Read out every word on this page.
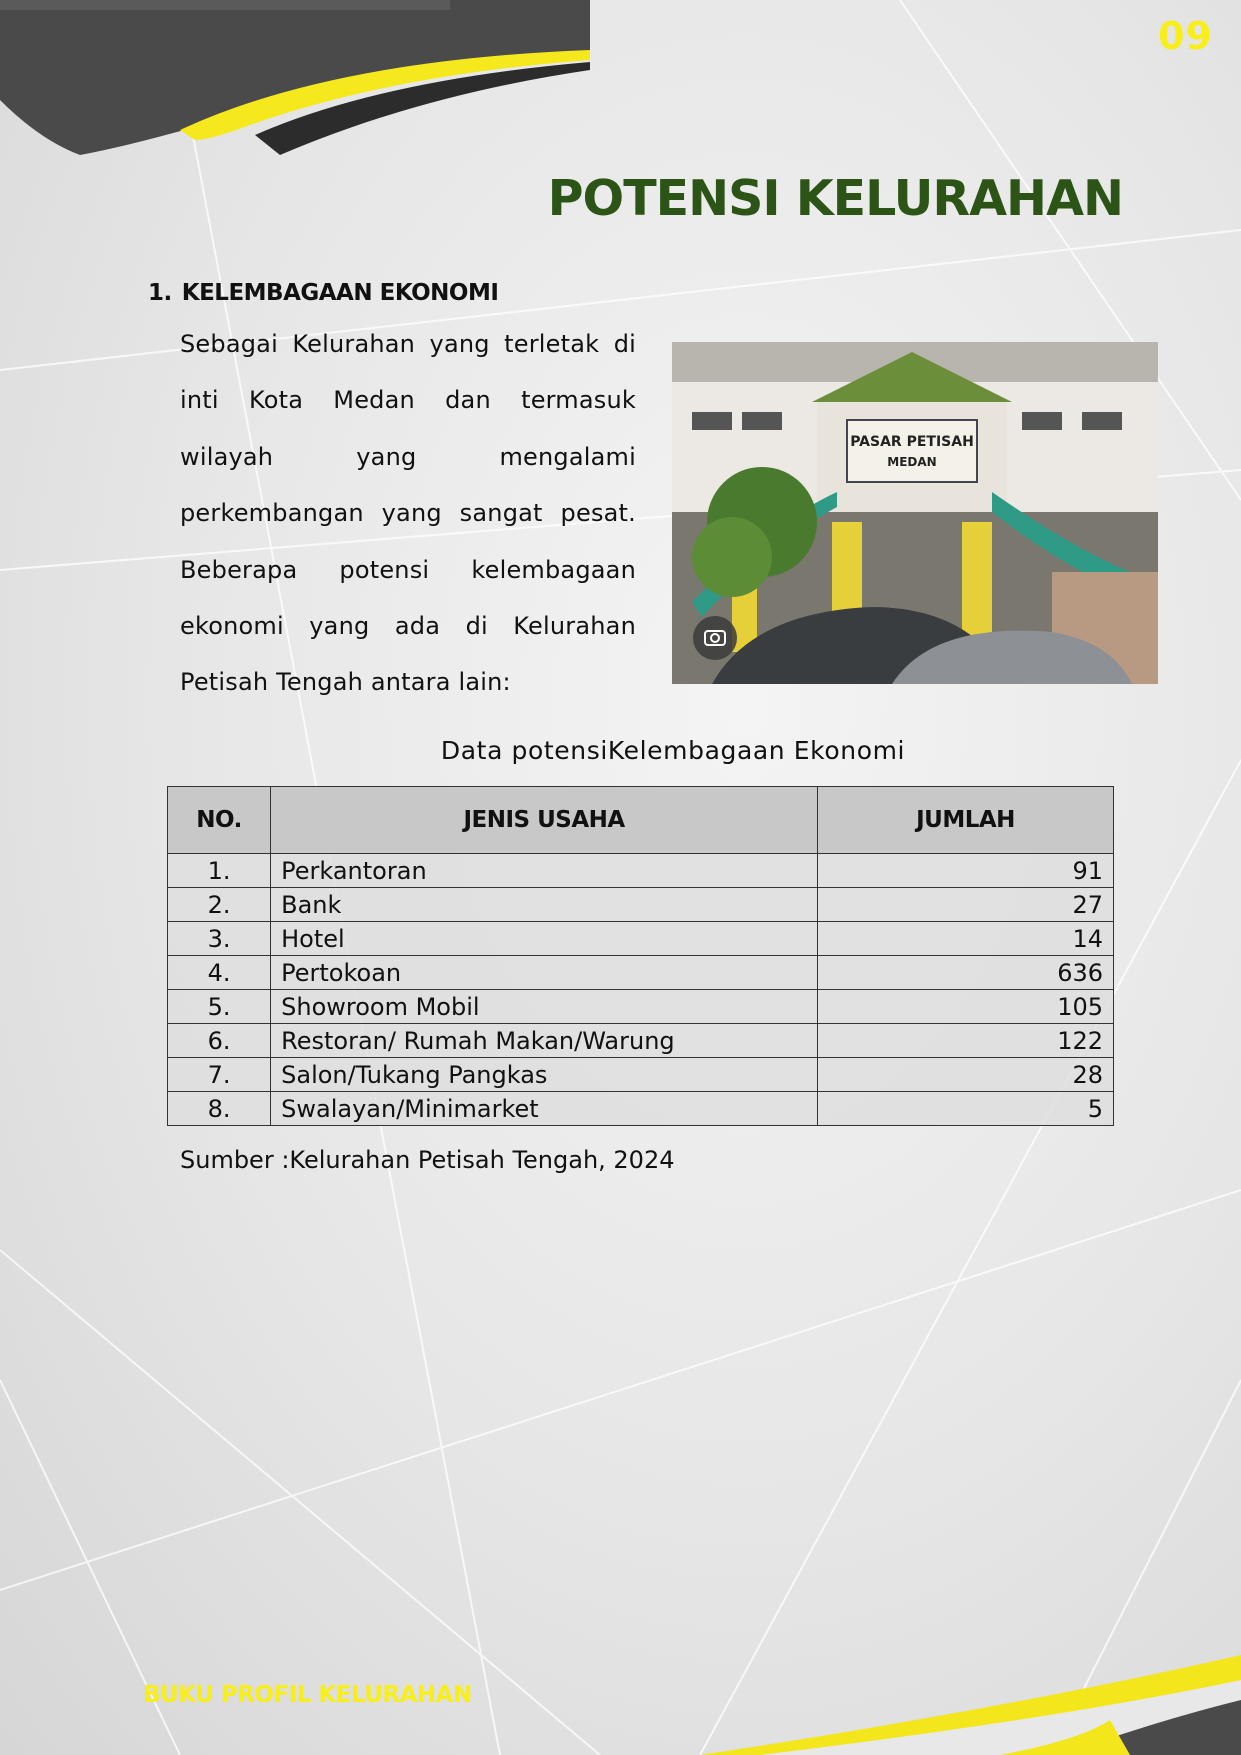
09
POTENSI KELURAHAN
1. KELEMBAGAAN EKONOMI

Sebagai Kelurahan yang terletak di inti Kota Medan dan termasuk wilayah yang mengalami perkembangan yang sangat pesat. Beberapa potensi kelembagaan ekonomi yang ada di Kelurahan Petisah Tengah antara lain:

PASAR PETISAH
MEDAN

Data potensiKelembagaan Ekonomi

NO.	JENIS USAHA	JUMLAH
1.	Perkantoran	91
2.	Bank	27
3.	Hotel	14
4.	Pertokoan	636
5.	Showroom Mobil	105
6.	Restoran/ Rumah Makan/Warung	122
7.	Salon/Tukang Pangkas	28
8.	Swalayan/Minimarket	5

Sumber :Kelurahan Petisah Tengah, 2024

BUKU PROFIL KELURAHAN
